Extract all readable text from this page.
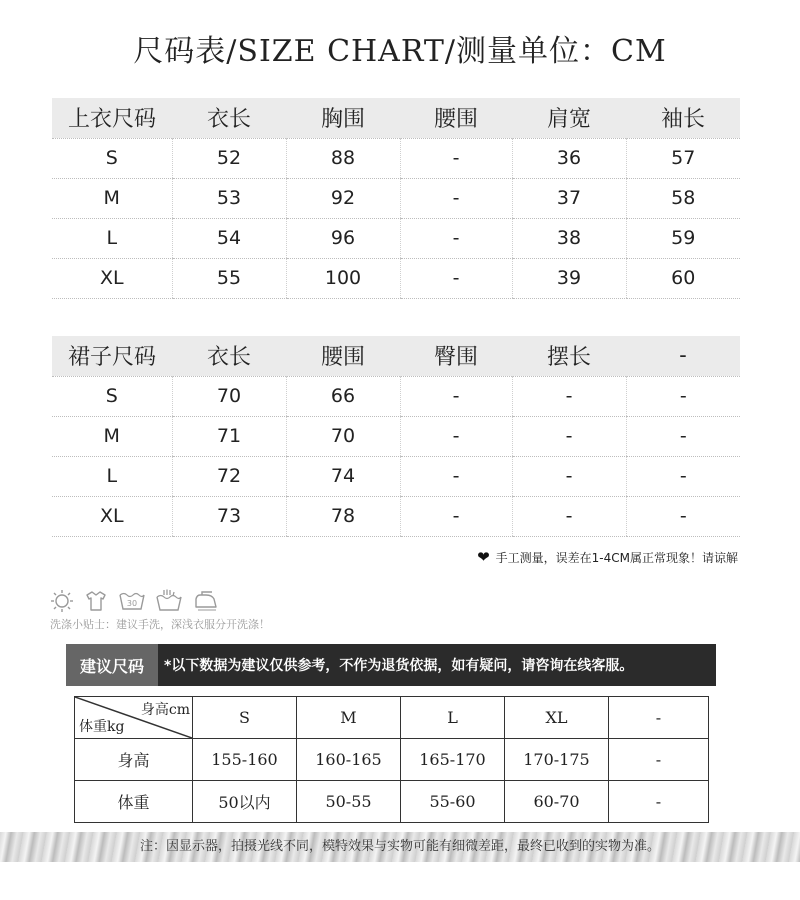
尺码表/SIZE CHART/测量单位：CM
上衣尺码	衣长	胸围	腰围	肩宽	袖长
S	52	88	-	36	57
M	53	92	-	37	58
L	54	96	-	38	59
XL	55	100	-	39	60
裙子尺码	衣长	腰围	臀围	摆长	-
S	70	66	-	-	-
M	71	70	-	-	-
L	72	74	-	-	-
XL	73	78	-	-	-
❤ 手工测量，误差在1-4CM属正常现象！请谅解
30
洗涤小贴士：建议手洗，深浅衣服分开洗涤！
建议尺码	*以下数据为建议仅供参考，不作为退货依据，如有疑问，请咨询在线客服。
身高cm
体重kg	S	M	L	XL	-
身高	155-160	160-165	165-170	170-175	-
体重	50以内	50-55	55-60	60-70	-
注：因显示器，拍摄光线不同，模特效果与实物可能有细微差距，最终已收到的实物为准。
